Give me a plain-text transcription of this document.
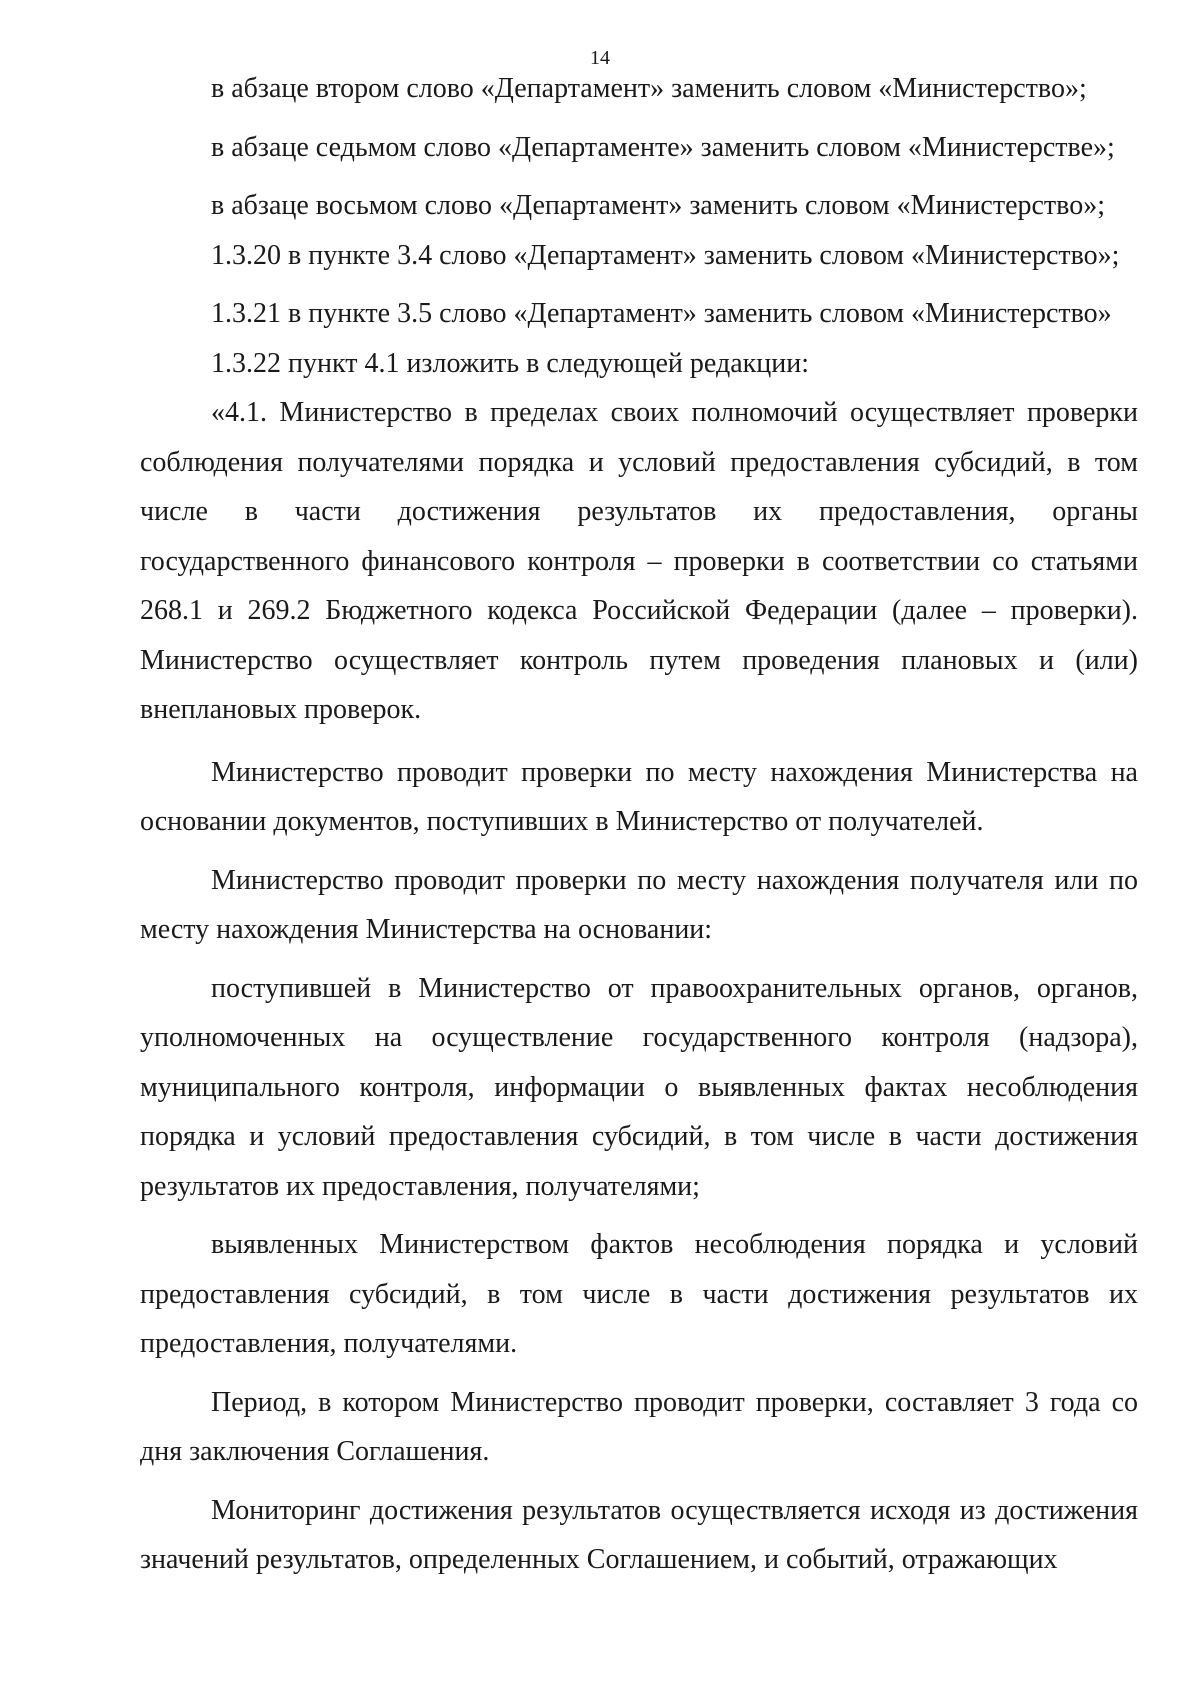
14

в абзаце втором слово «Департамент» заменить словом «Министерство»;

в абзаце седьмом слово «Департаменте» заменить словом «Министерстве»;

в абзаце восьмом слово «Департамент» заменить словом «Министерство»;

1.3.20 в пункте 3.4 слово «Департамент» заменить словом «Министерство»;

1.3.21 в пункте 3.5 слово «Департамент» заменить словом «Министерство»

1.3.22 пункт 4.1 изложить в следующей редакции:

«4.1. Министерство в пределах своих полномочий осуществляет проверки соблюдения получателями порядка и условий предоставления субсидий, в том числе в части достижения результатов их предоставления, органы государственного финансового контроля – проверки в соответствии со статьями 268.1 и 269.2 Бюджетного кодекса Российской Федерации (далее – проверки). Министерство осуществляет контроль путем проведения плановых и (или) внеплановых проверок.

Министерство проводит проверки по месту нахождения Министерства на основании документов, поступивших в Министерство от получателей.

Министерство проводит проверки по месту нахождения получателя или по месту нахождения Министерства на основании:

поступившей в Министерство от правоохранительных органов, органов, уполномоченных на осуществление государственного контроля (надзора), муниципального контроля, информации о выявленных фактах несоблюдения порядка и условий предоставления субсидий, в том числе в части достижения результатов их предоставления, получателями;

выявленных Министерством фактов несоблюдения порядка и условий предоставления субсидий, в том числе в части достижения результатов их предоставления, получателями.

Период, в котором Министерство проводит проверки, составляет 3 года со дня заключения Соглашения.

Мониторинг достижения результатов осуществляется исходя из достижения значений результатов, определенных Соглашением, и событий, отражающих
